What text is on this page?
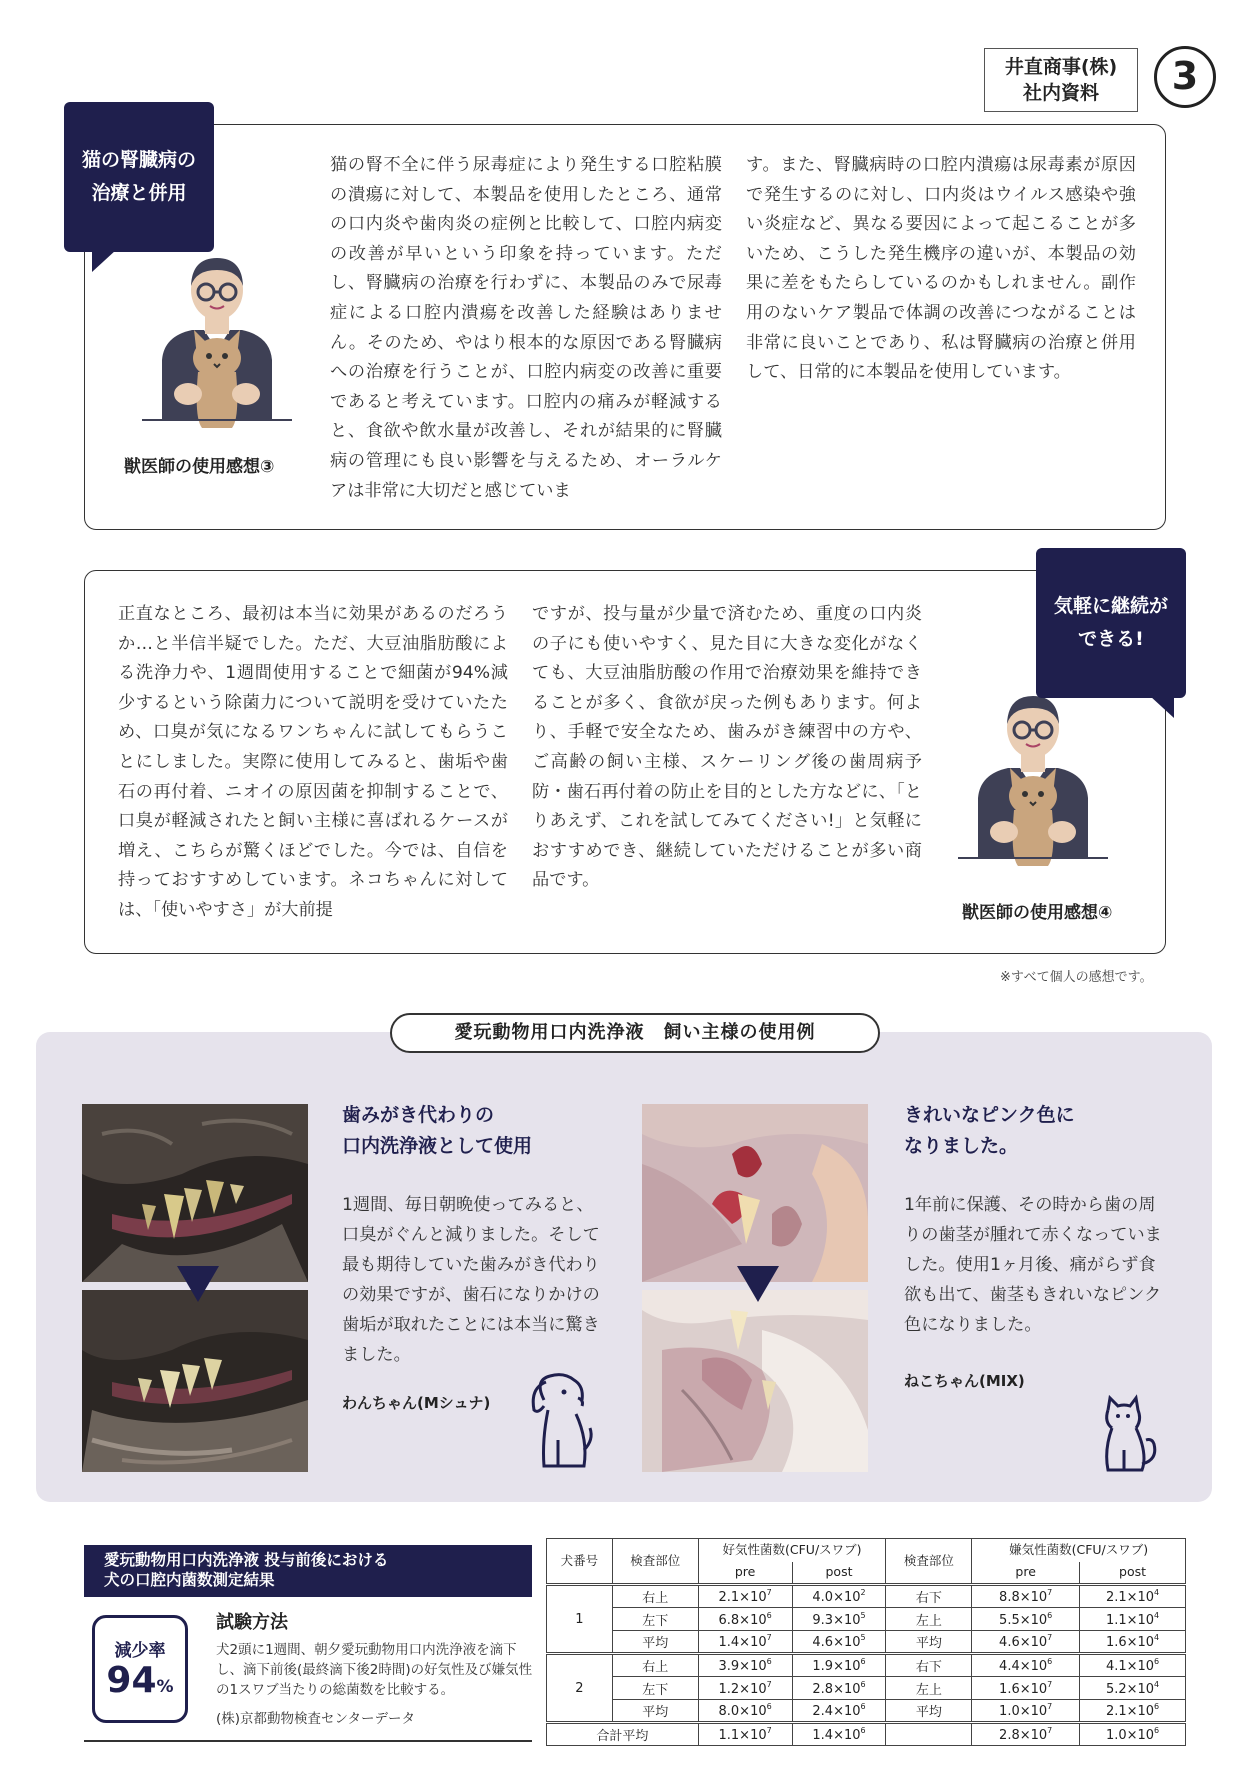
井直商事(株)
社内資料	3
猫の腎臓病の
治療と併用
獣医師の使用感想③
猫の腎不全に伴う尿毒症により発生する口腔粘膜の潰瘍に対して、本製品を使用したところ、通常の口内炎や歯肉炎の症例と比較して、口腔内病変の改善が早いという印象を持っています。ただし、腎臓病の治療を行わずに、本製品のみで尿毒症による口腔内潰瘍を改善した経験はありません。そのため、やはり根本的な原因である腎臓病への治療を行うことが、口腔内病変の改善に重要であると考えています。口腔内の痛みが軽減すると、食欲や飲水量が改善し、それが結果的に腎臓病の管理にも良い影響を与えるため、オーラルケアは非常に大切だと感じていま
す。また、腎臓病時の口腔内潰瘍は尿毒素が原因で発生するのに対し、口内炎はウイルス感染や強い炎症など、異なる要因によって起こることが多いため、こうした発生機序の違いが、本製品の効果に差をもたらしているのかもしれません。副作用のないケア製品で体調の改善につながることは非常に良いことであり、私は腎臓病の治療と併用して、日常的に本製品を使用しています。
気軽に継続が
できる!
獣医師の使用感想④
正直なところ、最初は本当に効果があるのだろうか…と半信半疑でした。ただ、大豆油脂肪酸による洗浄力や、1週間使用することで細菌が94%減少するという除菌力について説明を受けていたため、口臭が気になるワンちゃんに試してもらうことにしました。実際に使用してみると、歯垢や歯石の再付着、ニオイの原因菌を抑制することで、口臭が軽減されたと飼い主様に喜ばれるケースが増え、こちらが驚くほどでした。今では、自信を持っておすすめしています。ネコちゃんに対しては、「使いやすさ」が大前提
ですが、投与量が少量で済むため、重度の口内炎の子にも使いやすく、見た目に大きな変化がなくても、大豆油脂肪酸の作用で治療効果を維持できることが多く、食欲が戻った例もあります。何より、手軽で安全なため、歯みがき練習中の方や、ご高齢の飼い主様、スケーリング後の歯周病予防・歯石再付着の防止を目的とした方などに、「とりあえず、これを試してみてください!」と気軽におすすめでき、継続していただけることが多い商品です。
※すべて個人の感想です。
愛玩動物用口内洗浄液　飼い主様の使用例
歯みがき代わりの
口内洗浄液として使用
1週間、毎日朝晩使ってみると、口臭がぐんと減りました。そして最も期待していた歯みがき代わりの効果ですが、歯石になりかけの歯垢が取れたことには本当に驚きました。
わんちゃん(Mシュナ)
きれいなピンク色に
なりました。
1年前に保護、その時から歯の周りの歯茎が腫れて赤くなっていました。使用1ヶ月後、痛がらず食欲も出て、歯茎もきれいなピンク色になりました。
ねこちゃん(MIX)
愛玩動物用口内洗浄液 投与前後における
犬の口腔内菌数測定結果
減少率
94%
試験方法
犬2頭に1週間、朝夕愛玩動物用口内洗浄液を滴下し、滴下前後(最終滴下後2時間)の好気性及び嫌気性の1スワブ当たりの総菌数を比較する。
(株)京都動物検査センターデータ
犬番号	検査部位	好気性菌数(CFU/スワブ)		検査部位	嫌気性菌数(CFU/スワブ)	
		pre	post		pre	post
1	右上	$2.1\times 10^7$	$4.0\times 10^2$	右下	$8.8\times 10^7$	$2.1\times 10^4$
	左下	$6.8\times 10^6$	$9.3\times 10^5$	左上	$5.5\times 10^6$	$1.1\times 10^4$
	平均	$1.4\times 10^7$	$4.6\times 10^5$	平均	$4.6\times 10^7$	$1.6\times 10^4$
2	右上	$3.9\times 10^6$	$1.9\times 10^6$	右下	$4.4\times 10^6$	$4.1\times 10^6$
	左下	$1.2\times 10^7$	$2.8\times 10^6$	左上	$1.6\times 10^7$	$5.2\times 10^4$
	平均	$8.0\times 10^6$	$2.4\times 10^6$	平均	$1.0\times 10^7$	$2.1\times 10^6$
合計平均		$1.1\times 10^7$	$1.4\times 10^6$		$2.8\times 10^7$	$1.0\times 10^6$
